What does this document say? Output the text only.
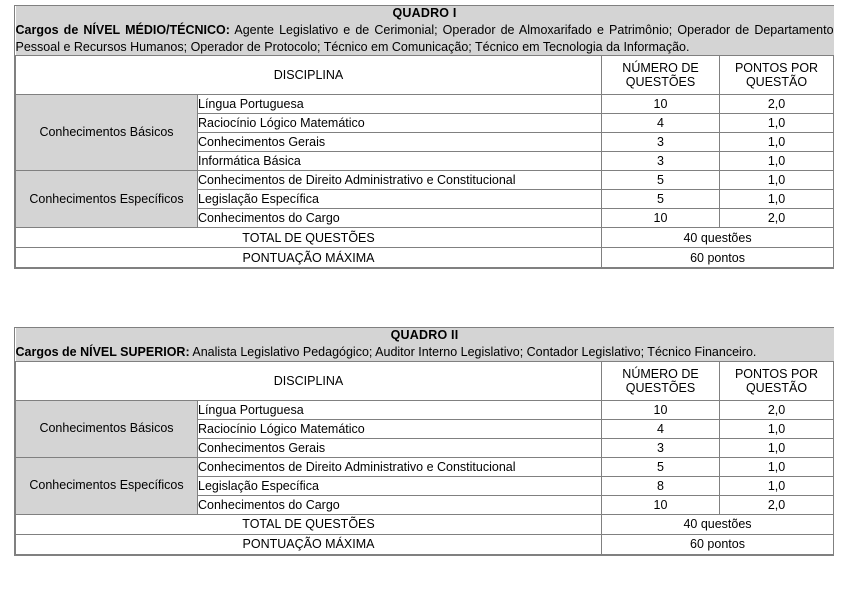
QUADRO I
Cargos de NÍVEL MÉDIO/TÉCNICO: Agente Legislativo e de Cerimonial; Operador de Almoxarifado e Patrimônio; Operador de Departamento Pessoal e Recursos Humanos; Operador de Protocolo; Técnico em Comunicação; Técnico em Tecnologia da Informação.			

DISCIPLINA		NÚMERO DE QUESTÕES	PONTOS POR QUESTÃO
Conhecimentos Básicos	Língua Portuguesa	10	2,0
	Raciocínio Lógico Matemático	4	1,0
	Conhecimentos Gerais	3	1,0
	Informática Básica	3	1,0
Conhecimentos Específicos	Conhecimentos de Direito Administrativo e Constitucional	5	1,0
	Legislação Específica	5	1,0
	Conhecimentos do Cargo	10	2,0
TOTAL DE QUESTÕES		40 questões	
PONTUAÇÃO MÁXIMA		60 pontos	
QUADRO II
Cargos de NÍVEL SUPERIOR: Analista Legislativo Pedagógico; Auditor Interno Legislativo; Contador Legislativo; Técnico Financeiro.			

DISCIPLINA		NÚMERO DE QUESTÕES	PONTOS POR QUESTÃO
Conhecimentos Básicos	Língua Portuguesa	10	2,0
	Raciocínio Lógico Matemático	4	1,0
	Conhecimentos Gerais	3	1,0
Conhecimentos Específicos	Conhecimentos de Direito Administrativo e Constitucional	5	1,0
	Legislação Específica	8	1,0
	Conhecimentos do Cargo	10	2,0
TOTAL DE QUESTÕES		40 questões	
PONTUAÇÃO MÁXIMA		60 pontos	
